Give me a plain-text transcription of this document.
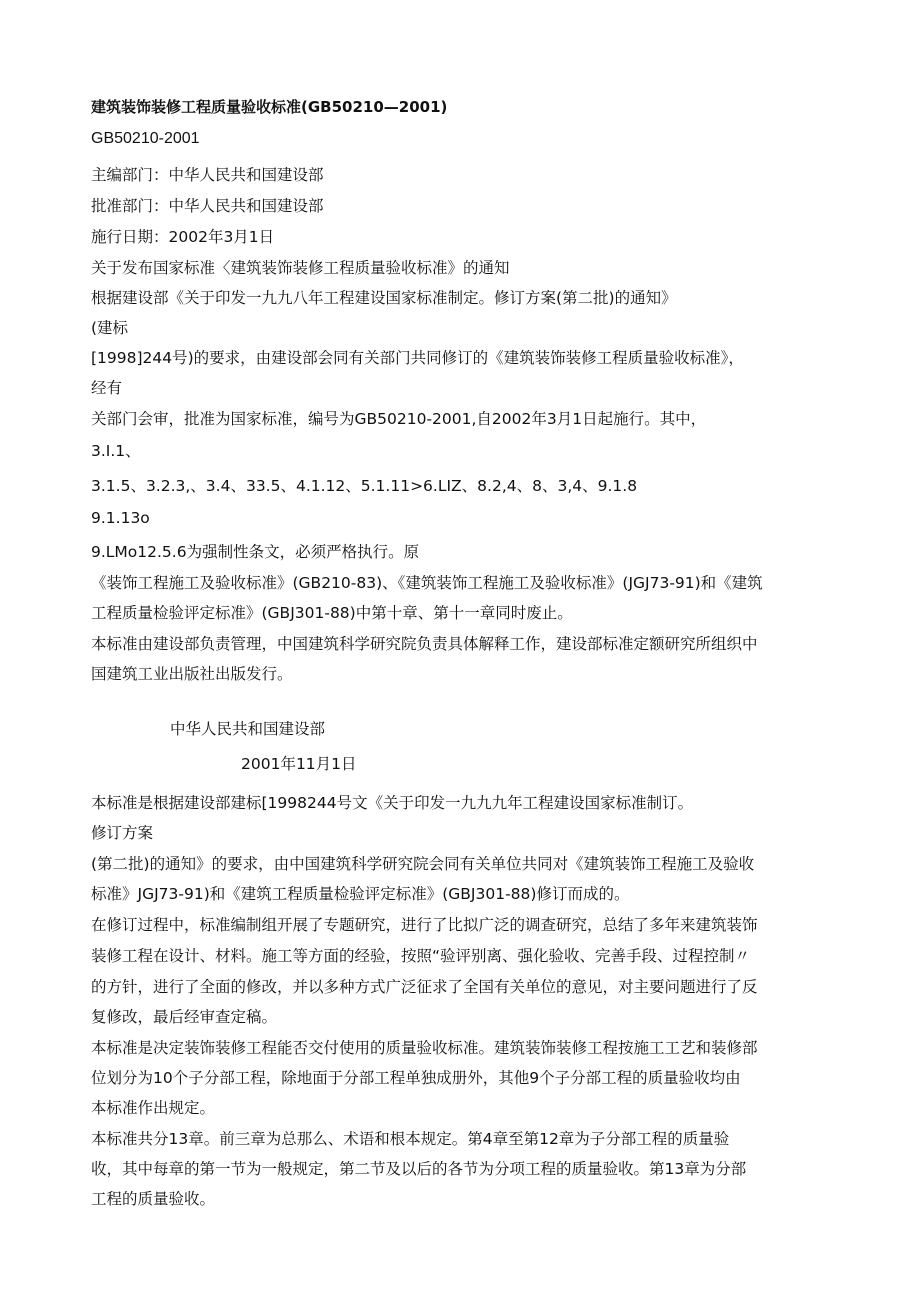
建筑装饰装修工程质量验收标准(GB50210—2001)
GB50210-2001
主编部门：中华人民共和国建设部
批准部门：中华人民共和国建设部
施行日期：2002年3月1日
关于发布国家标准〈建筑装饰装修工程质量验收标准》的通知
根据建设部《关于印发一九九八年工程建设国家标准制定。修订方案(第二批)的通知》
(建标
[1998]244号)的要求，由建设部会同有关部门共同修订的《建筑装饰装修工程质量验收标准》，
经有
关部门会审，批准为国家标准，编号为GB50210-2001,自2002年3月1日起施行。其中，
3.I.1、
3.1.5、3.2.3,、3.4、33.5、4.1.12、5.1.11>6.LIZ、8.2,4、8、3,4、9.1.8
9.1.13o
9.LMo12.5.6为强制性条文，必须严格执行。原
《装饰工程施工及验收标准》(GB210-83)、《建筑装饰工程施工及验收标准》(JGJ73-91)和《建筑
工程质量检验评定标准》(GBJ301-88)中第十章、第十一章同时废止。
本标准由建设部负责管理，中国建筑科学研究院负责具体解释工作，建设部标准定额研究所组织中
国建筑工业出版社出版发行。
中华人民共和国建设部
2001年11月1日
本标准是根据建设部建标[1998244号文《关于印发一九九九年工程建设国家标准制订。
修订方案
(第二批)的通知》的要求，由中国建筑科学研究院会同有关单位共同对《建筑装饰工程施工及验收
标准》JGJ73-91)和《建筑工程质量检验评定标准》(GBJ301-88)修订而成的。
在修订过程中，标准编制组开展了专题研究，进行了比拟广泛的调查研究，总结了多年来建筑装饰
装修工程在设计、材料。施工等方面的经验，按照“验评别离、强化验收、完善手段、过程控制〃
的方针，进行了全面的修改，并以多种方式广泛征求了全国有关单位的意见，对主要问题进行了反
复修改，最后经审查定稿。
本标准是决定装饰装修工程能否交付使用的质量验收标准。建筑装饰装修工程按施工工艺和装修部
位划分为10个子分部工程，除地面于分部工程单独成册外，其他9个子分部工程的质量验收均由
本标准作出规定。
本标准共分13章。前三章为总那么、术语和根本规定。第4章至第12章为子分部工程的质量验
收，其中每章的第一节为一般规定，第二节及以后的各节为分项工程的质量验收。第13章为分部
工程的质量验收。
